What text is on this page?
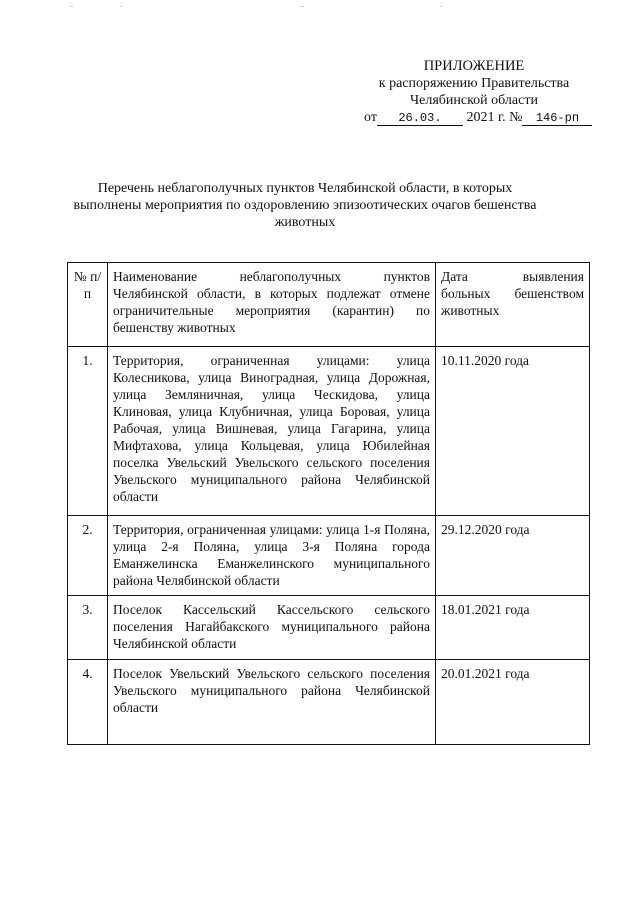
ПРИЛОЖЕНИЕ
к распоряжению Правительства
Челябинской области
от 26.03. 2021 г. № 146-рп
Перечень неблагополучных пунктов Челябинской области, в которых выполнены мероприятия по оздоровлению эпизоотических очагов бешенства животных
№ п/п	Наименование неблагополучных пунктов Челябинской области, в которых подлежат отмене ограничительные мероприятия (карантин) по бешенству животных	Дата выявления больных бешенством животных
1.	Территория, ограниченная улицами: улица Колесникова, улица Виноградная, улица Дорожная, улица Земляничная, улица Ческидова, улица Клиновая, улица Клубничная, улица Боровая, улица Рабочая, улица Вишневая, улица Гагарина, улица Мифтахова, улица Кольцевая, улица Юбилейная поселка Увельский Увельского сельского поселения Увельского муниципального района Челябинской области	10.11.2020 года
2.	Территория, ограниченная улицами: улица 1-я Поляна, улица 2-я Поляна, улица 3-я Поляна города Еманжелинска Еманжелинского муниципального района Челябинской области	29.12.2020 года
3.	Поселок Кассельский Кассельского сельского поселения Нагайбакского муниципального района Челябинской области	18.01.2021 года
4.	Поселок Увельский Увельского сельского поселения Увельского муниципального района Челябинской области	20.01.2021 года
